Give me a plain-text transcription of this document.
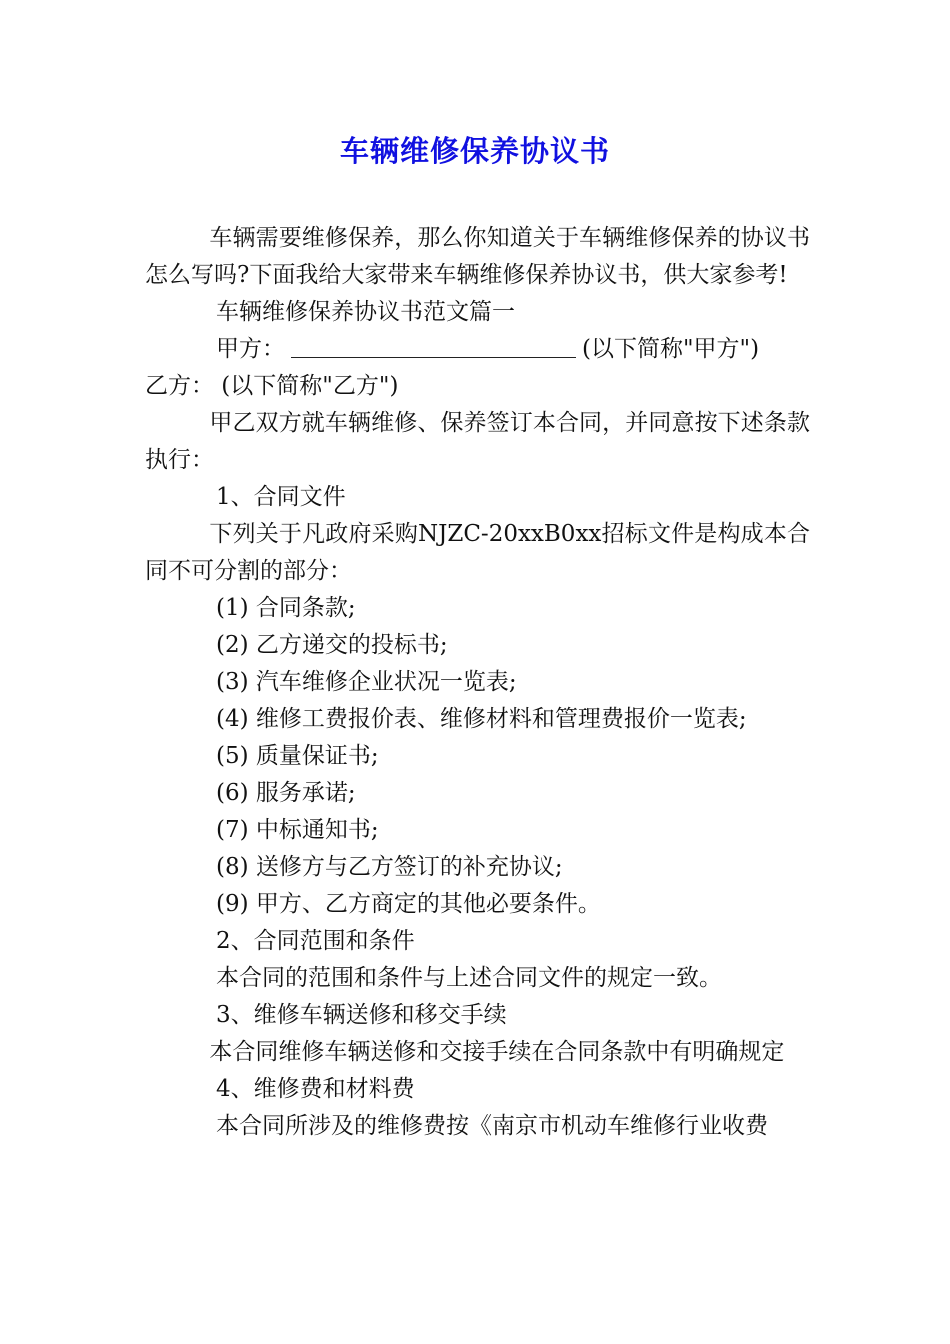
车辆维修保养协议书

车辆需要维修保养，那么你知道关于车辆维修保养的协议书怎么写吗?下面我给大家带来车辆维修保养协议书，供大家参考!

车辆维修保养协议书范文篇一

甲方：	(以下简称"甲方")

乙方： (以下简称"乙方")

甲乙双方就车辆维修、保养签订本合同，并同意按下述条款执行：

1、合同文件

下列关于凡政府采购NJZC-20xxB0xx招标文件是构成本合同不可分割的部分：

(1) 合同条款;

(2) 乙方递交的投标书;

(3) 汽车维修企业状况一览表;

(4) 维修工费报价表、维修材料和管理费报价一览表;

(5) 质量保证书;

(6) 服务承诺;

(7) 中标通知书;

(8) 送修方与乙方签订的补充协议;

(9) 甲方、乙方商定的其他必要条件。

2、合同范围和条件

本合同的范围和条件与上述合同文件的规定一致。

3、维修车辆送修和移交手续

本合同维修车辆送修和交接手续在合同条款中有明确规定

4、维修费和材料费

本合同所涉及的维修费按《南京市机动车维修行业收费
